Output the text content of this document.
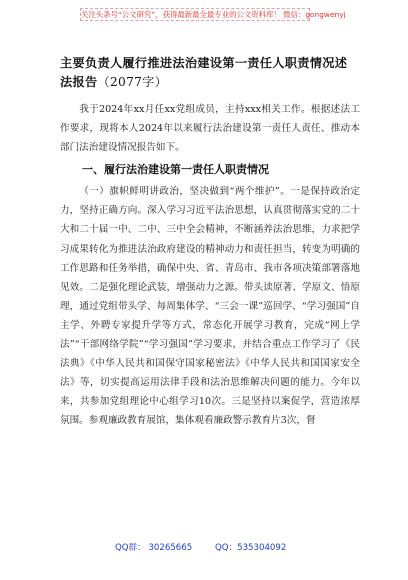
关注头条号“公文研究”，获得最新最全最专业的公文资料库！ 微信：gongwenyj
主要负责人履行推进法治建设第一责任人职责情况述法报告（2077字）

我于2024年xx月任xx党组成员，主持xxx相关工作。根据述法工作要求，现将本人2024年以来履行法治建设第一责任人责任、推动本部门法治建设情况报告如下。

一、履行法治建设第一责任人职责情况

（一）旗帜鲜明讲政治，坚决做到“两个维护”。一是保持政治定力，坚持正确方向。深入学习习近平法治思想，认真贯彻落实党的二十大和二十届一中、二中、三中全会精神，不断涵养法治思维，力求把学习成果转化为推进法治政府建设的精神动力和责任担当，转变为明确的工作思路和任务举措，确保中央、省、青岛市、我市各项决策部署落地见效。二是强化理论武装，增强动力之源。带头读原著、学原文、悟原理，通过党组带头学、每周集体学、“三会一课”巡回学、“学习强国”自主学、外聘专家提升学等方式，常态化开展学习教育，完成“网上学法”“干部网络学院”“学习强国”学习要求，并结合重点工作学习了《民法典》《中华人民共和国保守国家秘密法》《中华人民共和国国家安全法》等，切实提高运用法律手段和法治思维解决问题的能力。今年以来，共参加党组理论中心组学习10次。三是坚持以案促学，营造浓厚氛围。参观廉政教育展馆，集体观看廉政警示教育片3次，督

QQ群： 30265665	QQ：535304092
